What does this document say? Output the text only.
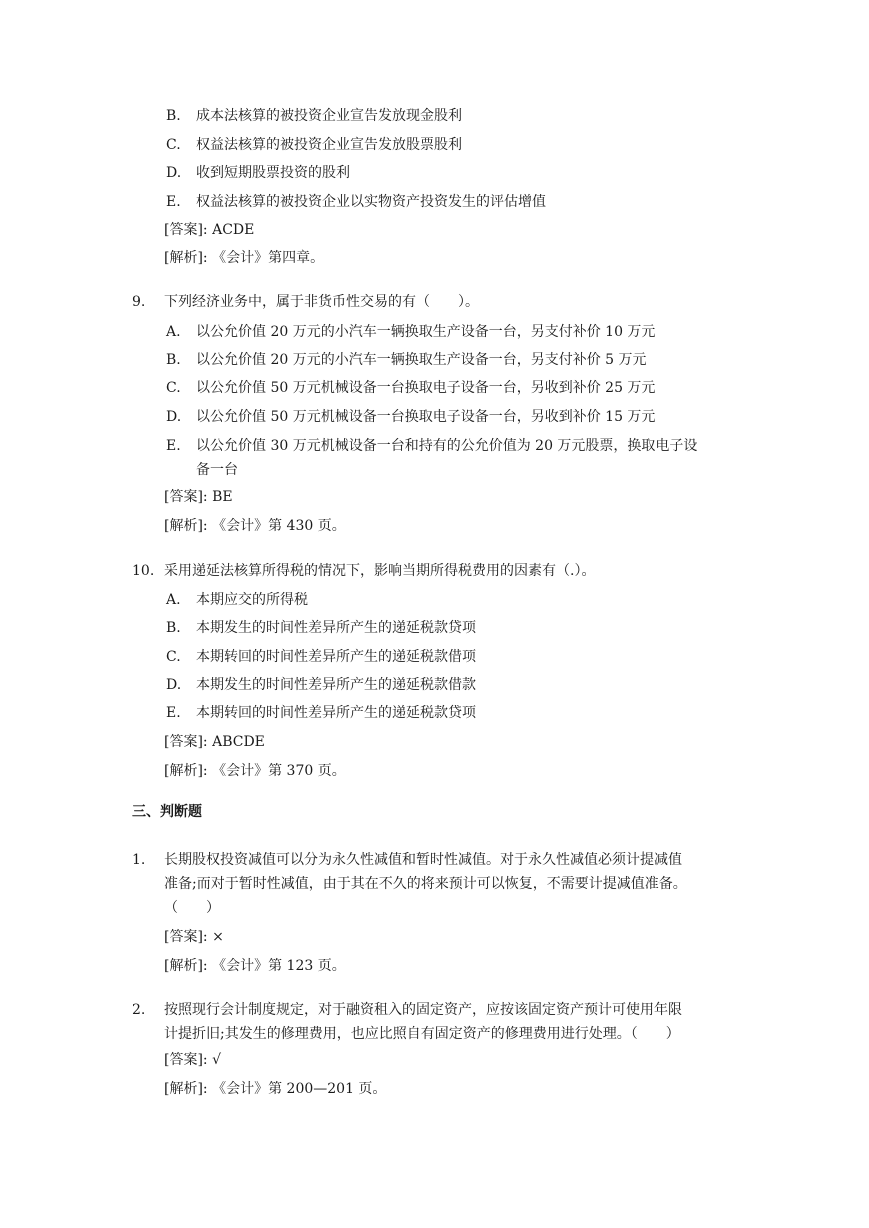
B. 成本法核算的被投资企业宣告发放现金股利
C. 权益法核算的被投资企业宣告发放股票股利
D. 收到短期股票投资的股利
E. 权益法核算的被投资企业以实物资产投资发生的评估增值
[答案]: ACDE
[解析]: 《会计》第四章。
9. 下列经济业务中，属于非货币性交易的有（　　）。
A. 以公允价值 20 万元的小汽车一辆换取生产设备一台，另支付补价 10 万元
B. 以公允价值 20 万元的小汽车一辆换取生产设备一台，另支付补价 5 万元
C. 以公允价值 50 万元机械设备一台换取电子设备一台，另收到补价 25 万元
D. 以公允价值 50 万元机械设备一台换取电子设备一台，另收到补价 15 万元
E. 以公允价值 30 万元机械设备一台和持有的公允价值为 20 万元股票，换取电子设
备一台
[答案]: BE
[解析]: 《会计》第 430 页。
10. 采用递延法核算所得税的情况下，影响当期所得税费用的因素有（.）。
A. 本期应交的所得税
B. 本期发生的时间性差异所产生的递延税款贷项
C. 本期转回的时间性差异所产生的递延税款借项
D. 本期发生的时间性差异所产生的递延税款借款
E. 本期转回的时间性差异所产生的递延税款贷项
[答案]: ABCDE
[解析]: 《会计》第 370 页。
三、判断题
1. 长期股权投资减值可以分为永久性减值和暂时性减值。对于永久性减值必须计提减值
准备;而对于暂时性减值，由于其在不久的将来预计可以恢复，不需要计提减值准备。
（　　）
[答案]: ×
[解析]: 《会计》第 123 页。
2. 按照现行会计制度规定，对于融资租入的固定资产，应按该固定资产预计可使用年限
计提折旧;其发生的修理费用，也应比照自有固定资产的修理费用进行处理。（　　）
[答案]: √
[解析]: 《会计》第 200—201 页。
